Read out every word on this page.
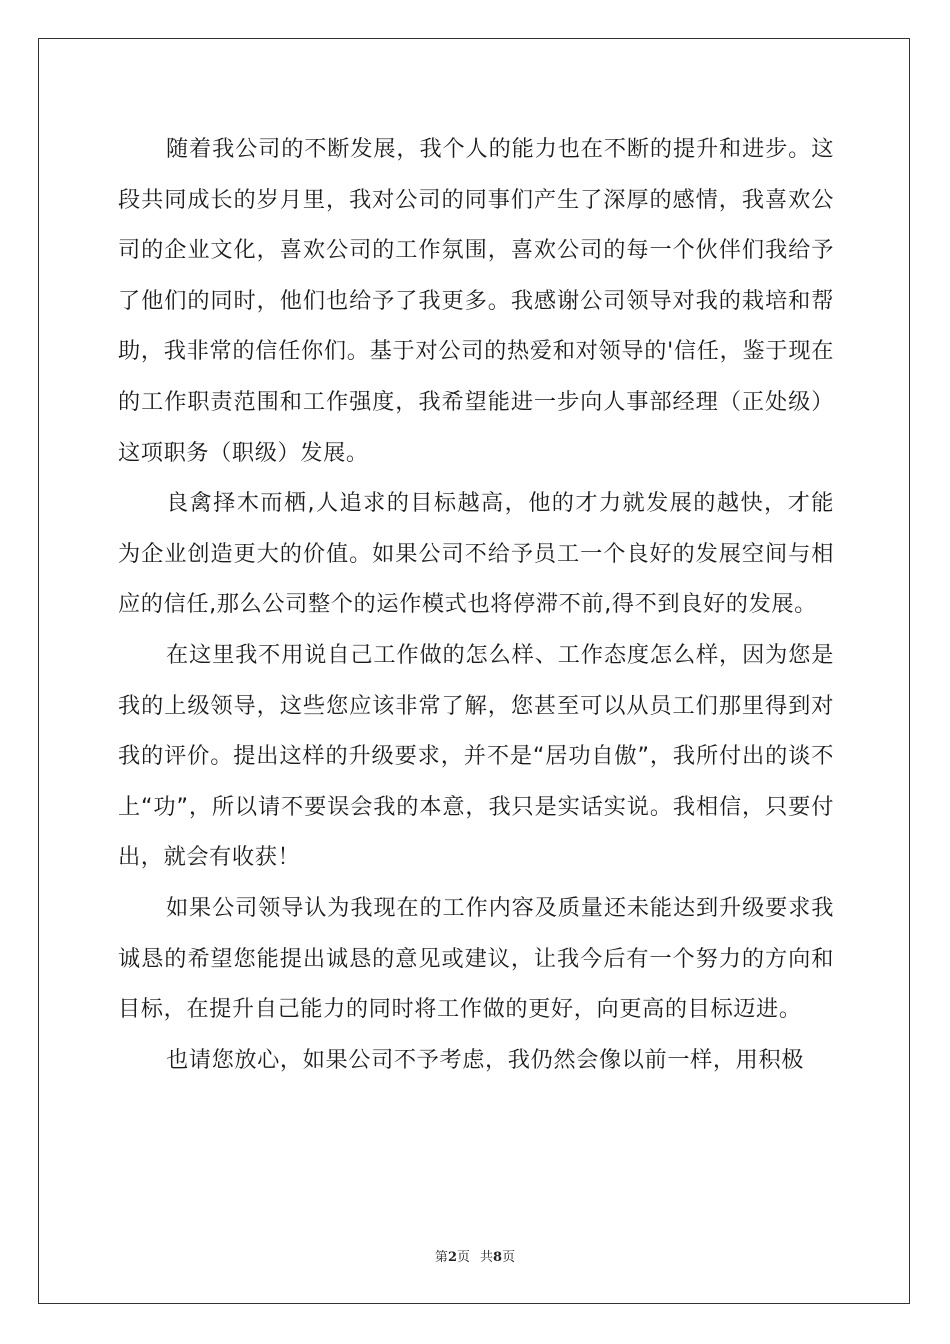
随着我公司的不断发展，我个人的能力也在不断的提升和进步。这段共同成长的岁月里，我对公司的同事们产生了深厚的感情，我喜欢公司的企业文化，喜欢公司的工作氛围，喜欢公司的每一个伙伴们我给予了他们的同时，他们也给予了我更多。我感谢公司领导对我的栽培和帮助，我非常的信任你们。基于对公司的热爱和对领导的'信任，鉴于现在的工作职责范围和工作强度，我希望能进一步向人事部经理（正处级）这项职务（职级）发展。

良禽择木而栖,人追求的目标越高，他的才力就发展的越快，才能为企业创造更大的价值。如果公司不给予员工一个良好的发展空间与相应的信任,那么公司整个的运作模式也将停滞不前,得不到良好的发展。

在这里我不用说自己工作做的怎么样、工作态度怎么样，因为您是我的上级领导，这些您应该非常了解，您甚至可以从员工们那里得到对我的评价。提出这样的升级要求，并不是“居功自傲”，我所付出的谈不上“功”，所以请不要误会我的本意，我只是实话实说。我相信，只要付出，就会有收获！

如果公司领导认为我现在的工作内容及质量还未能达到升级要求我诚恳的希望您能提出诚恳的意见或建议，让我今后有一个努力的方向和目标，在提升自己能力的同时将工作做的更好，向更高的目标迈进。

也请您放心，如果公司不予考虑，我仍然会像以前一样，用积极

第2页 共8页
